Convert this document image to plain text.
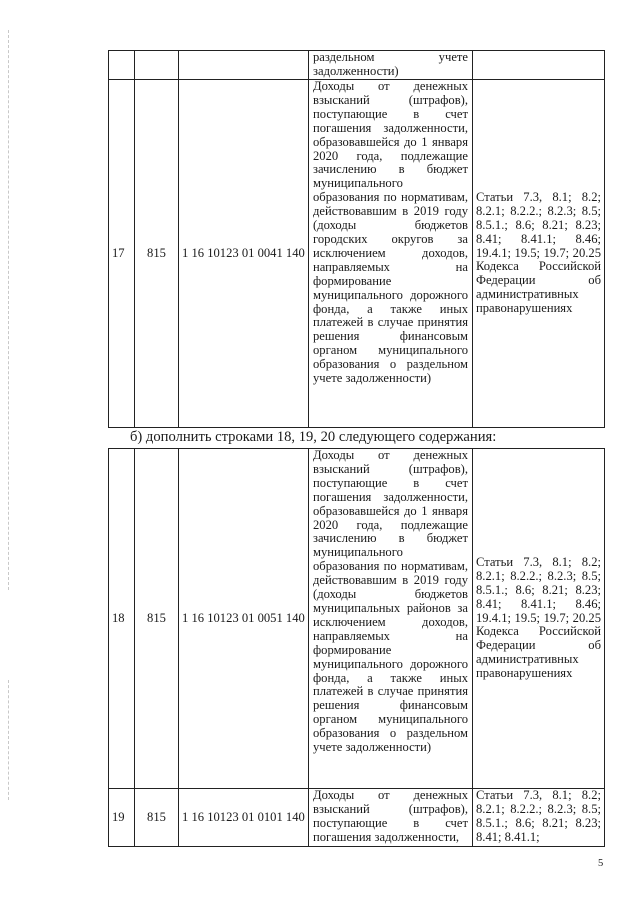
			раздельном учете задолженности)	
17	815	1 16 10123 01 0041 140	Доходы от денежных взысканий (штрафов), поступающие в счет погашения задолженности, образовавшейся до 1 января 2020 года, подлежащие зачислению в бюджет муниципального образования по нормативам, действовавшим в 2019 году (доходы бюджетов городских округов за исключением доходов, направляемых на формирование муниципального дорожного фонда, а также иных платежей в случае принятия решения финансовым органом муниципального образования о раздельном учете задолженности)	Статьи 7.3, 8.1; 8.2; 8.2.1; 8.2.2.; 8.2.3; 8.5; 8.5.1.; 8.6; 8.21; 8.23; 8.41; 8.41.1; 8.46; 19.4.1; 19.5; 19.7; 20.25 Кодекса Российской Федерации об административных правонарушениях
б) дополнить строками 18, 19, 20 следующего содержания:
18	815	1 16 10123 01 0051 140	Доходы от денежных взысканий (штрафов), поступающие в счет погашения задолженности, образовавшейся до 1 января 2020 года, подлежащие зачислению в бюджет муниципального образования по нормативам, действовавшим в 2019 году (доходы бюджетов муниципальных районов за исключением доходов, направляемых на формирование муниципального дорожного фонда, а также иных платежей в случае принятия решения финансовым органом муниципального образования о раздельном учете задолженности)	Статьи 7.3, 8.1; 8.2; 8.2.1; 8.2.2.; 8.2.3; 8.5; 8.5.1.; 8.6; 8.21; 8.23; 8.41; 8.41.1; 8.46; 19.4.1; 19.5; 19.7; 20.25 Кодекса Российской Федерации об административных правонарушениях
19	815	1 16 10123 01 0101 140	Доходы от денежных взысканий (штрафов), поступающие в счет погашения задолженности,	Статьи 7.3, 8.1; 8.2; 8.2.1; 8.2.2.; 8.2.3; 8.5; 8.5.1.; 8.6; 8.21; 8.23; 8.41; 8.41.1;
5
